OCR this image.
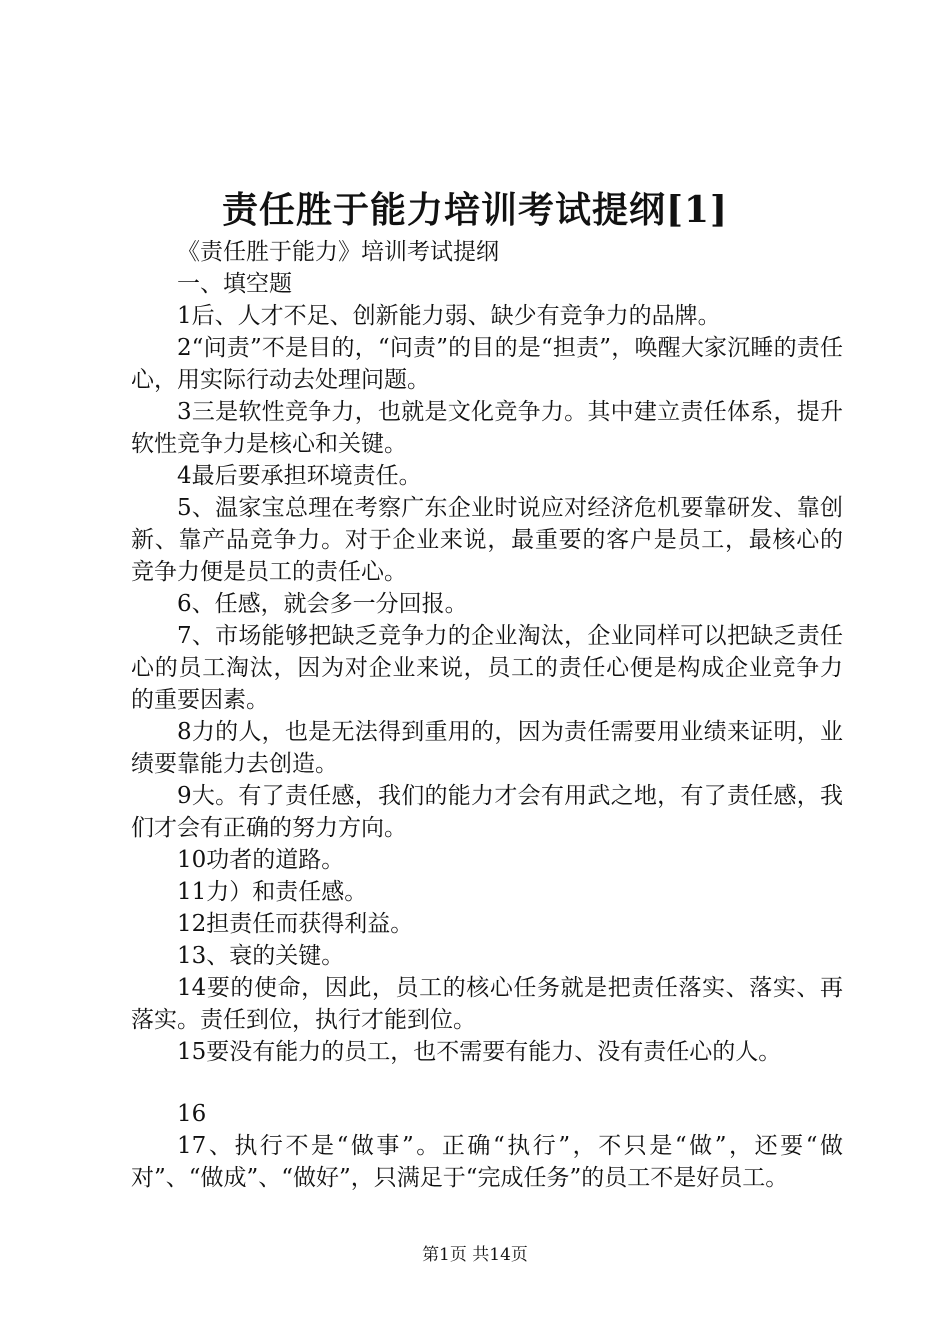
责任胜于能力培训考试提纲[1]

《责任胜于能力》培训考试提纲

一、填空题

1后、人才不足、创新能力弱、缺少有竞争力的品牌。

2“问责”不是目的，“问责”的目的是“担责”，唤醒大家沉睡的责任心，用实际行动去处理问题。

3三是软性竞争力，也就是文化竞争力。其中建立责任体系，提升软性竞争力是核心和关键。

4最后要承担环境责任。

5、温家宝总理在考察广东企业时说应对经济危机要靠研发、靠创新、靠产品竞争力。对于企业来说，最重要的客户是员工，最核心的竞争力便是员工的责任心。

6、任感，就会多一分回报。

7、市场能够把缺乏竞争力的企业淘汰，企业同样可以把缺乏责任心的员工淘汰，因为对企业来说，员工的责任心便是构成企业竞争力的重要因素。

8力的人，也是无法得到重用的，因为责任需要用业绩来证明，业绩要靠能力去创造。

9大。有了责任感，我们的能力才会有用武之地，有了责任感，我们才会有正确的努力方向。

10功者的道路。

11力）和责任感。

12担责任而获得利益。

13、衰的关键。

14要的使命，因此，员工的核心任务就是把责任落实、落实、再落实。责任到位，执行才能到位。

15要没有能力的员工，也不需要有能力、没有责任心的人。

16

17、执行不是“做事”。正确“执行”，不只是“做”，还要“做对”、“做成”、“做好”，只满足于“完成任务”的员工不是好员工。

第1页 共14页
